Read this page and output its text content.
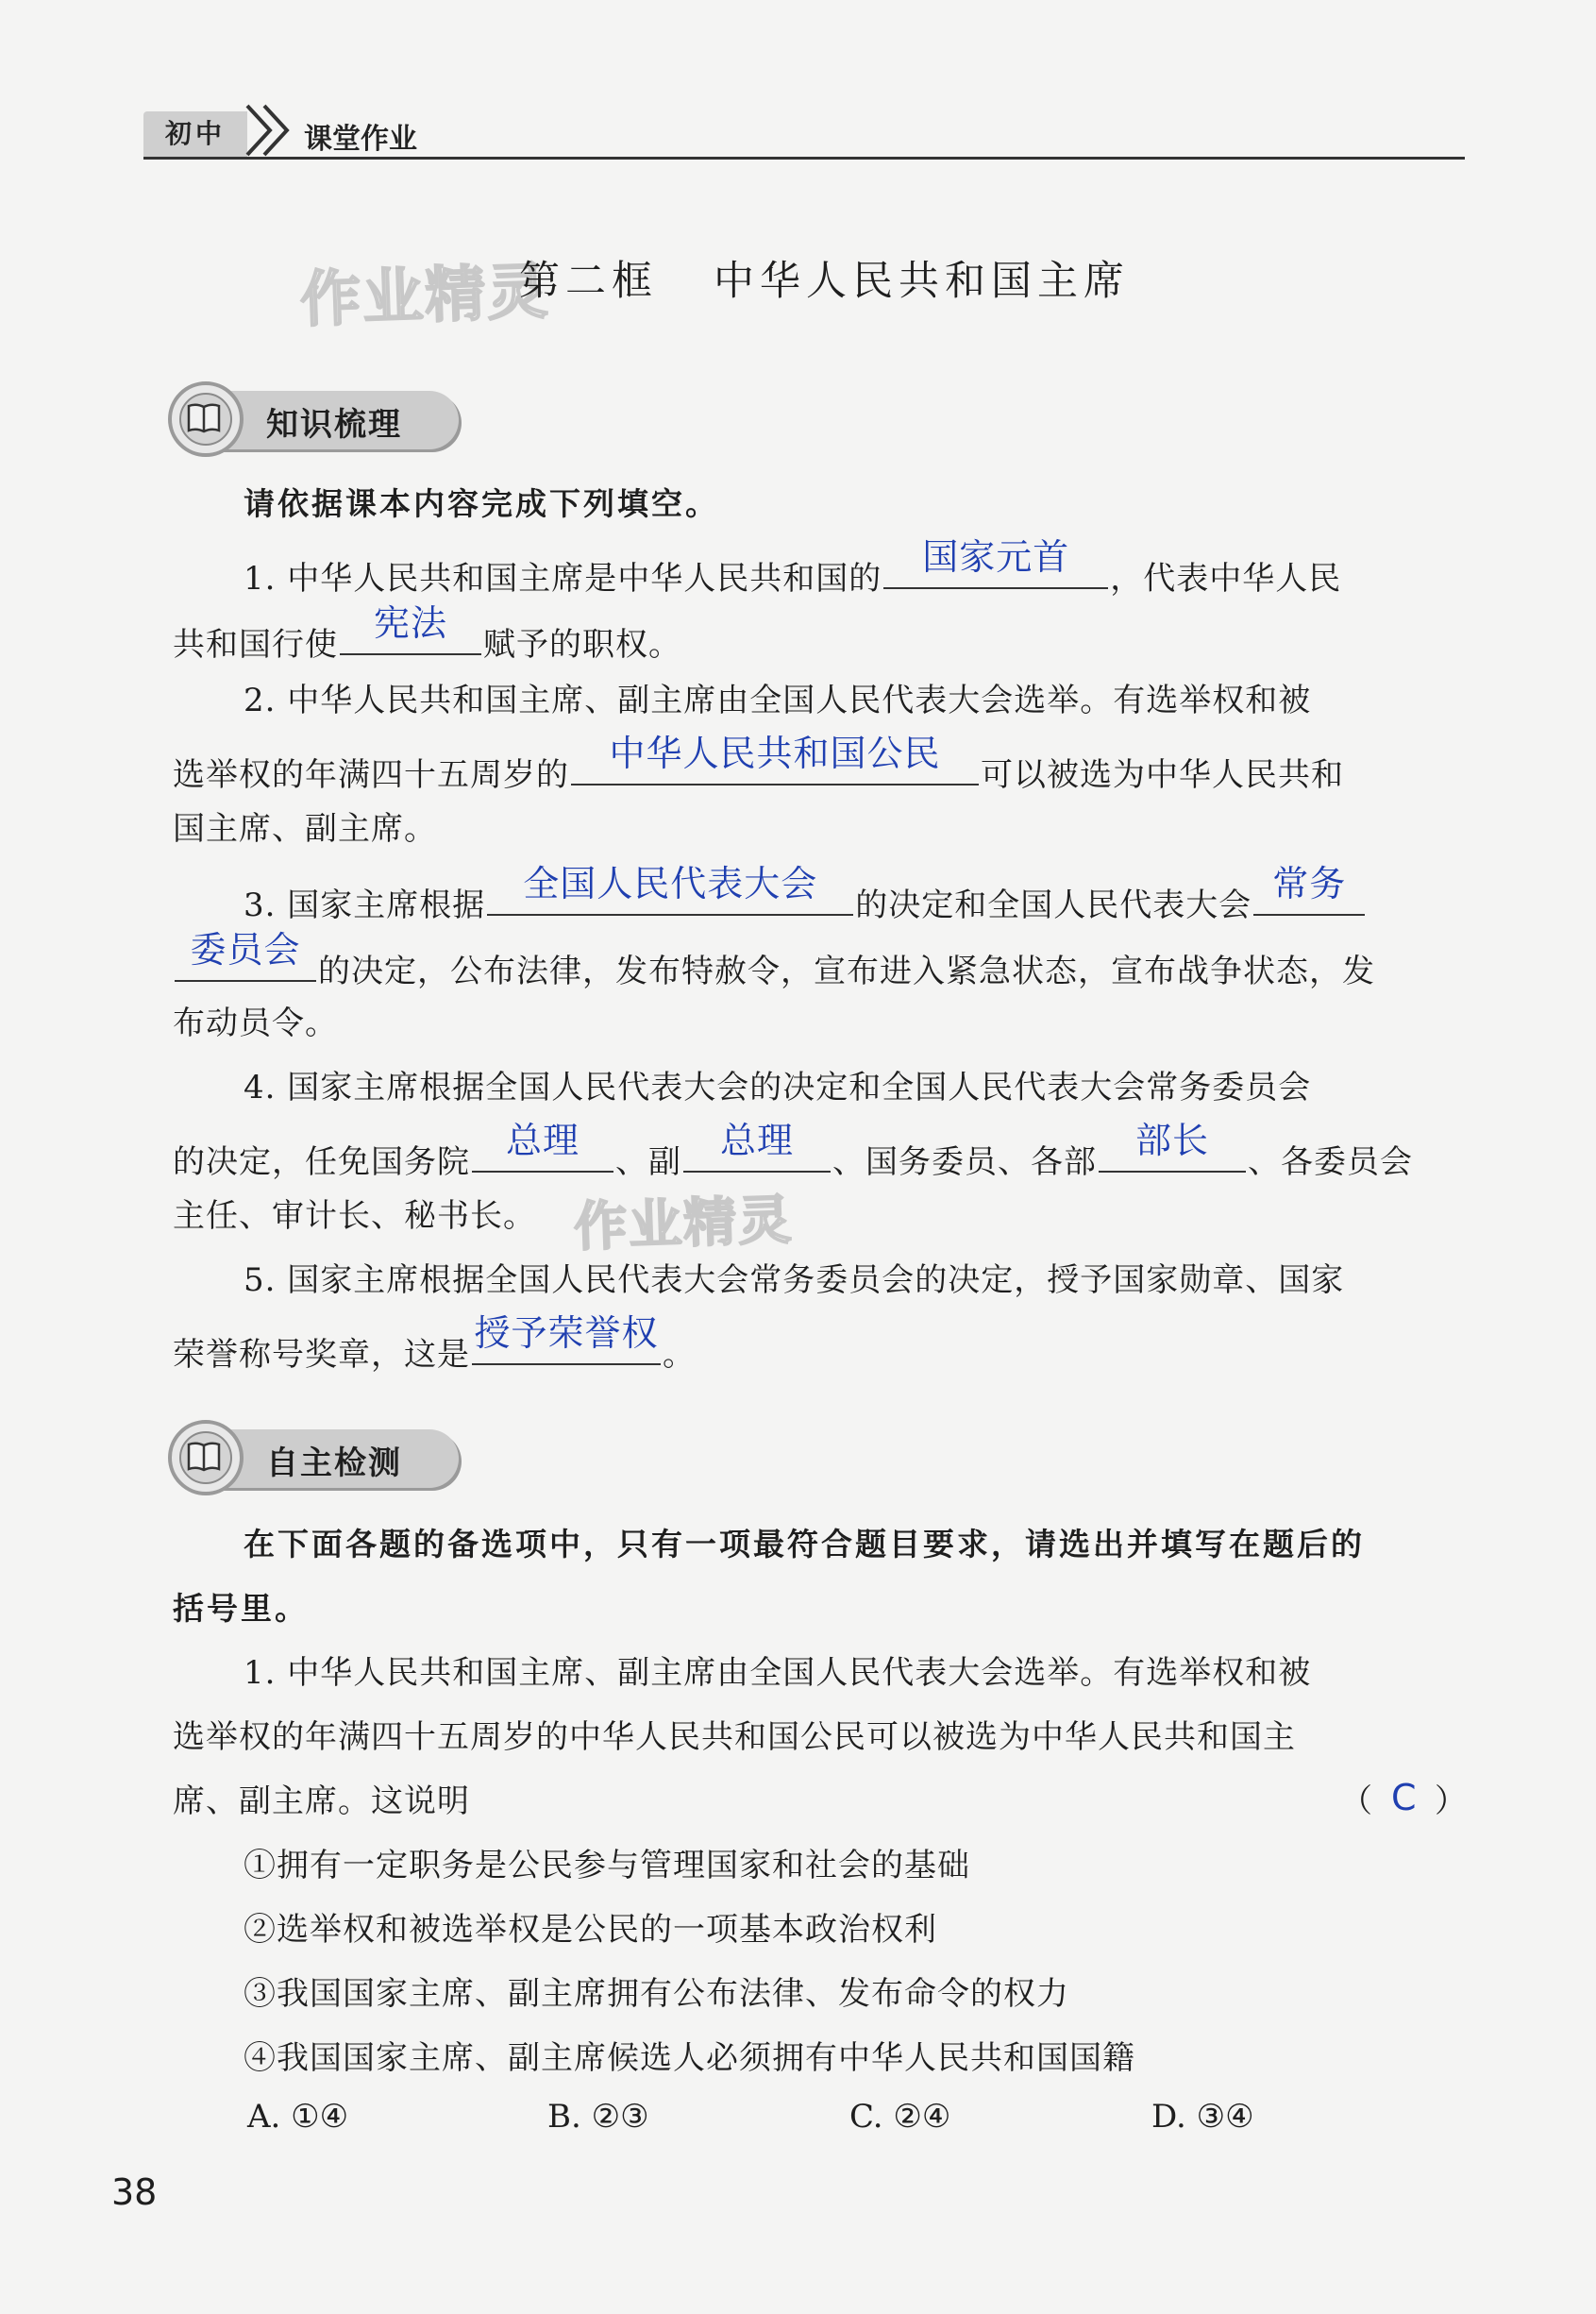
初中	课堂作业
作业精灵
第二框   中华人民共和国主席
知识梳理
请依据课本内容完成下列填空。
1. 中华人民共和国主席是中华人民共和国的
国家元首
，代表中华人民
共和国行使
宪法
赋予的职权。
2. 中华人民共和国主席、副主席由全国人民代表大会选举。有选举权和被
选举权的年满四十五周岁的
中华人民共和国公民
可以被选为中华人民共和
国主席、副主席。
3. 国家主席根据
全国人民代表大会
的决定和全国人民代表大会
常务
委员会
的决定，公布法律，发布特赦令，宣布进入紧急状态，宣布战争状态，发
布动员令。
4. 国家主席根据全国人民代表大会的决定和全国人民代表大会常务委员会
的决定，任免国务院
总理
、副
总理
、国务委员、各部
部长
、各委员会
主任、审计长、秘书长。 作业精灵
5. 国家主席根据全国人民代表大会常务委员会的决定，授予国家勋章、国家
荣誉称号奖章，这是
授予荣誉权
。
自主检测
在下面各题的备选项中，只有一项最符合题目要求，请选出并填写在题后的
括号里。
1. 中华人民共和国主席、副主席由全国人民代表大会选举。有选举权和被
选举权的年满四十五周岁的中华人民共和国公民可以被选为中华人民共和国主
席、副主席。这说明	（ C ）
①拥有一定职务是公民参与管理国家和社会的基础
②选举权和被选举权是公民的一项基本政治权利
③我国国家主席、副主席拥有公布法律、发布命令的权力
④我国国家主席、副主席候选人必须拥有中华人民共和国国籍
A. ①④	B. ②③	C. ②④	D. ③④
38
